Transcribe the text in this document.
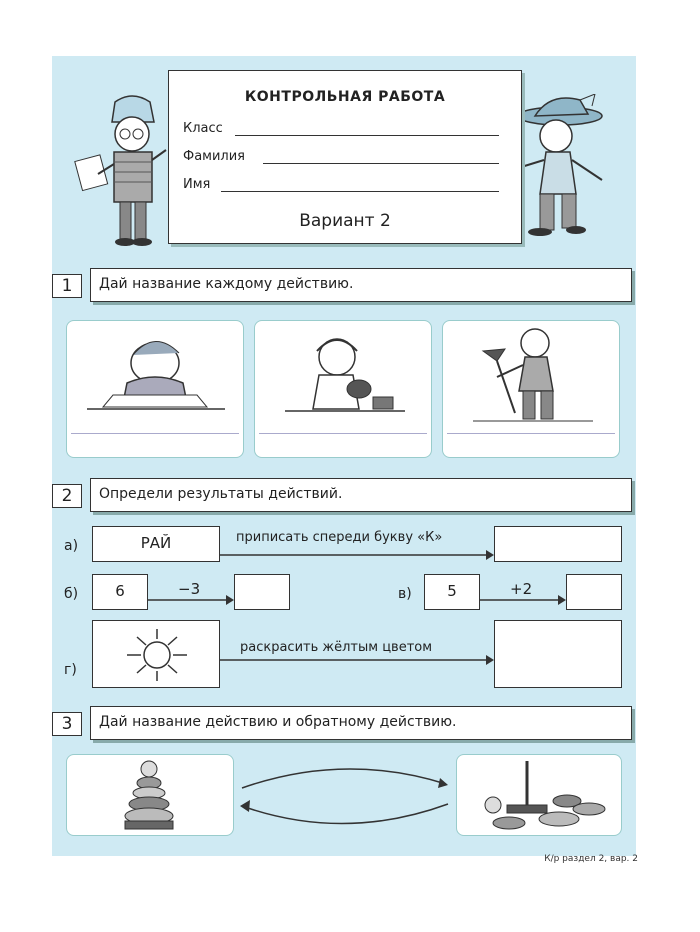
КОНТРОЛЬНАЯ РАБОТА
Класс
Фамилия
Имя
Вариант 2
1	Дай название каждому действию.
2	Определи результаты действий.
а)	РАЙ	приписать спереди букву «К»
б)	6	−3	в)	5	+2
г)
раскрасить жёлтым цветом
3	Дай название действию и обратному действию.
К/р раздел 2, вар. 2
